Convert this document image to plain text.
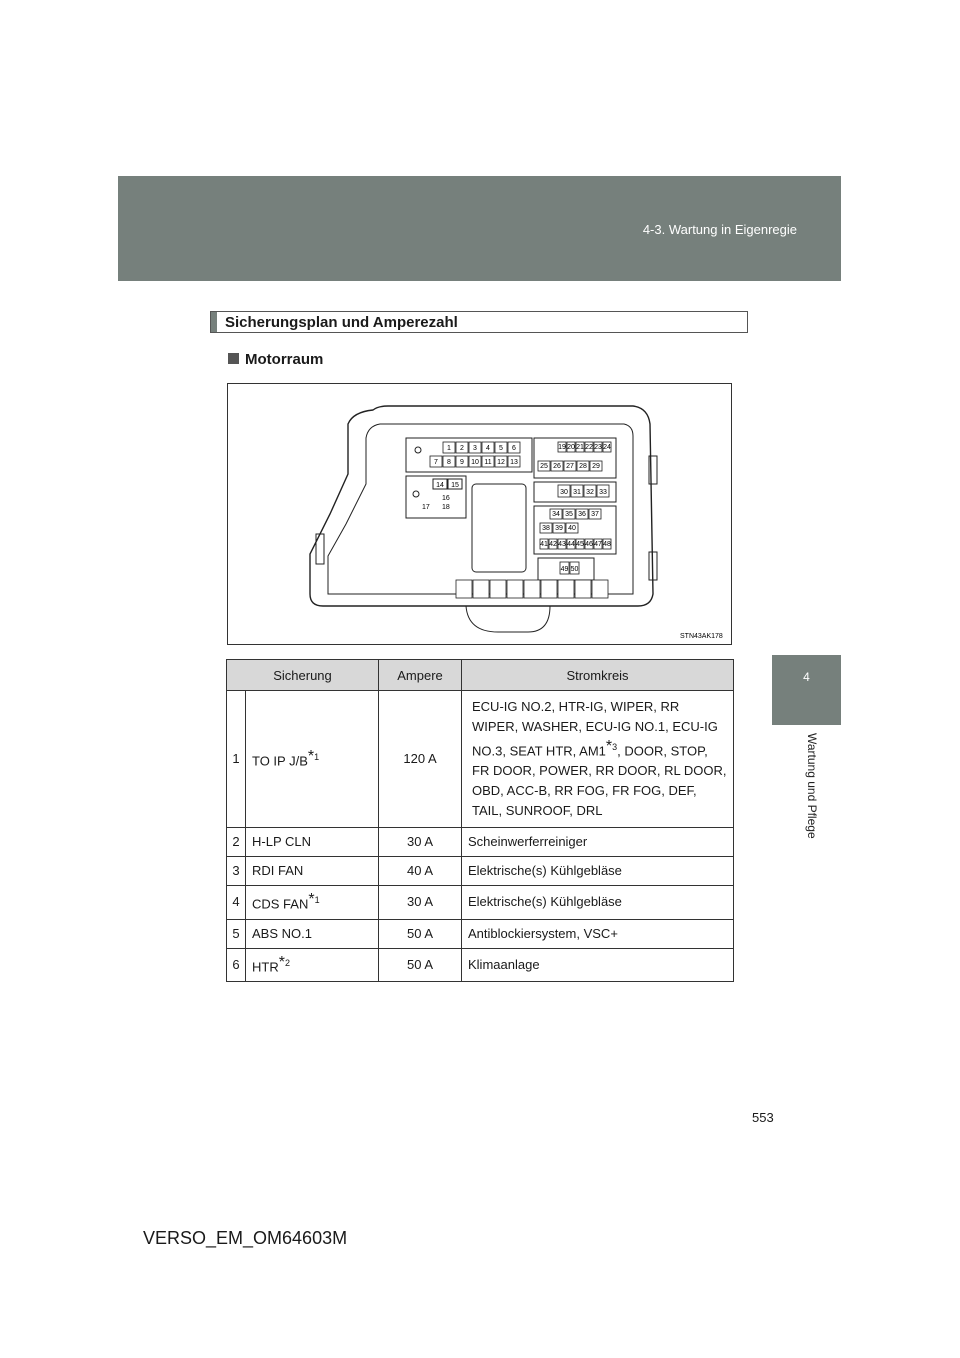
4-3. Wartung in Eigenregie
4
Wartung und Pflege
Sicherungsplan und Amperezahl
Motorraum
1 2 3 4 5 6
7 8 9 10 11 12 13
14 15
16
17 18
19 20 21 22 23 24
25 26 27 28 29
30 31 32 33
34 35 36 37
38 39 40
41 42 43 44 45 46 47 48
49 50
STN43AK178
Sicherung		Ampere	Stromkreis
1	TO IP J/B*$^1$	120 A	ECU-IG NO.2, HTR-IG, WIPER, RR WIPER, WASHER, ECU-IG NO.1, ECU-IG NO.3, SEAT HTR, AM1*$^3$, DOOR, STOP, FR DOOR, POWER, RR DOOR, RL DOOR, OBD, ACC-B, RR FOG, FR FOG, DEF, TAIL, SUNROOF, DRL
2	H-LP CLN	30 A	Scheinwerferreiniger
3	RDI FAN	40 A	Elektrische(s) Kühlgebläse
4	CDS FAN*$^1$	30 A	Elektrische(s) Kühlgebläse
5	ABS NO.1	50 A	Antiblockiersystem, VSC+
6	HTR*$^2$	50 A	Klimaanlage
553
VERSO_EM_OM64603M
